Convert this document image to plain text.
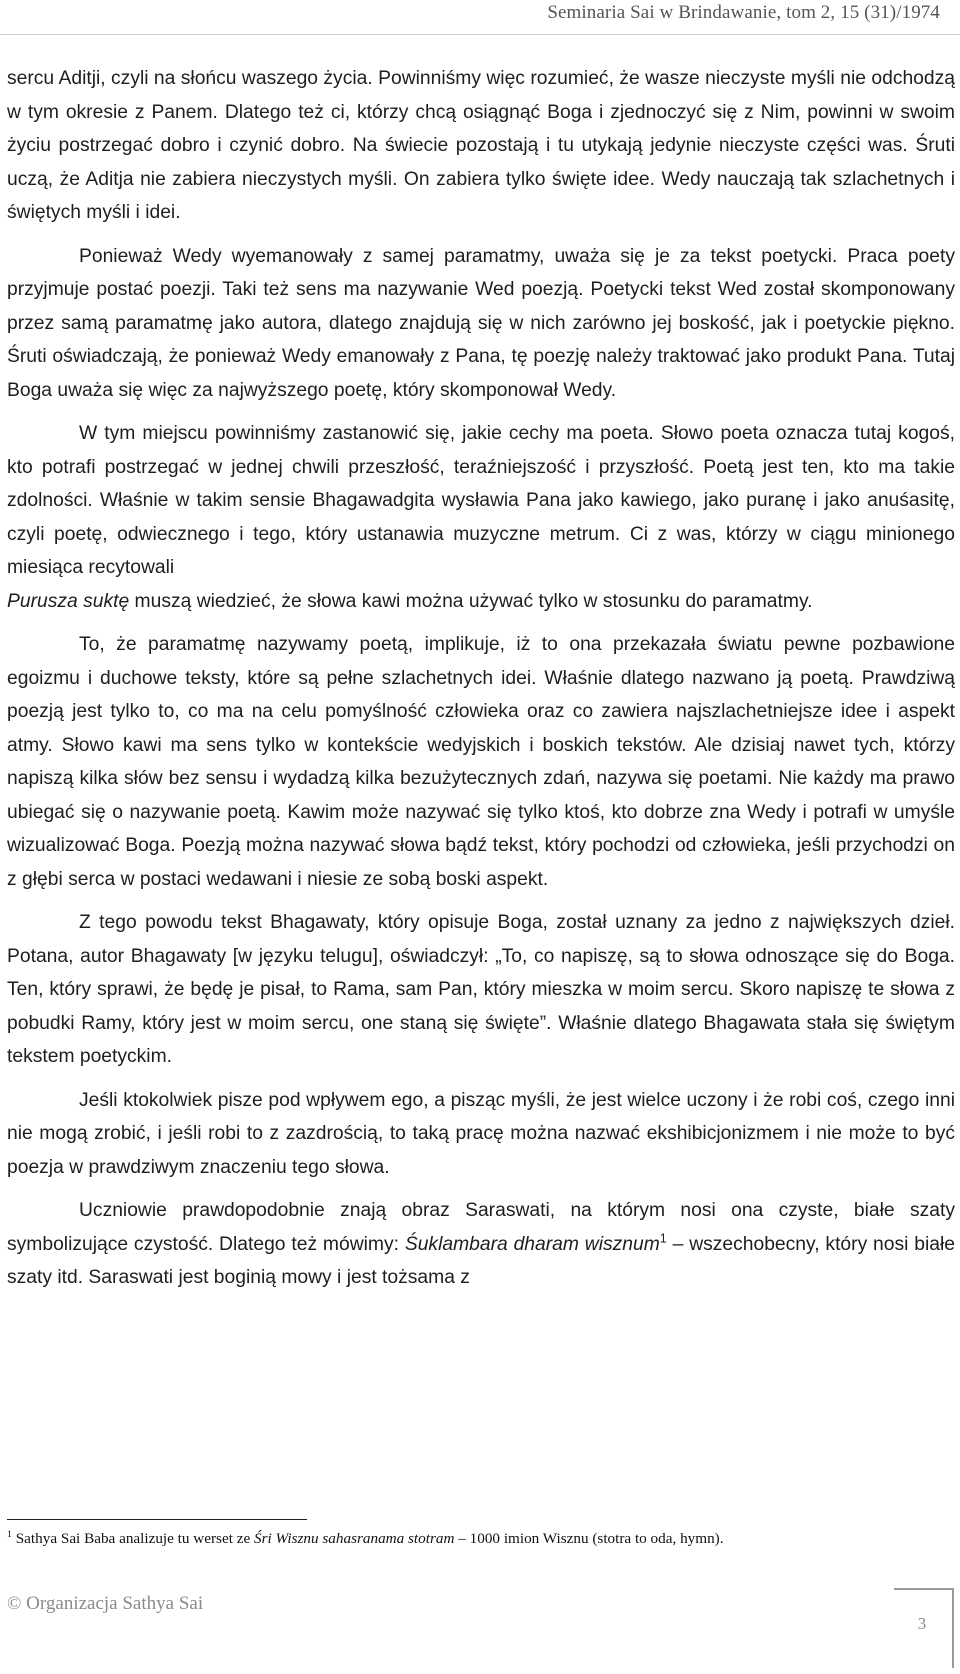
Seminaria Sai w Brindawanie, tom 2, 15 (31)/1974

sercu Aditji, czyli na słońcu waszego życia. Powinniśmy więc rozumieć, że wasze nieczyste myśli nie odchodzą w tym okresie z Panem. Dlatego też ci, którzy chcą osiągnąć Boga i zjednoczyć się z Nim, powinni w swoim życiu postrzegać dobro i czynić dobro. Na świecie pozostają i tu utykają jedynie nieczyste części was. Śruti uczą, że Aditja nie zabiera nieczystych myśli. On zabiera tylko święte idee. Wedy nauczają tak szlachetnych i świętych myśli i idei.

Ponieważ Wedy wyemanowały z samej paramatmy, uważa się je za tekst poetycki. Praca poety przyjmuje postać poezji. Taki też sens ma nazywanie Wed poezją. Poetycki tekst Wed został skomponowany przez samą paramatmę jako autora, dlatego znajdują się w nich zarówno jej boskość, jak i poetyckie piękno. Śruti oświadczają, że ponieważ Wedy emanowały z Pana, tę poezję należy traktować jako produkt Pana. Tutaj Boga uważa się więc za najwyższego poetę, który skomponował Wedy.

W tym miejscu powinniśmy zastanowić się, jakie cechy ma poeta. Słowo poeta oznacza tutaj kogoś, kto potrafi postrzegać w jednej chwili przeszłość, teraźniejszość i przyszłość. Poetą jest ten, kto ma takie zdolności. Właśnie w takim sensie Bhagawadgita wysławia Pana jako kawiego, jako puranę i jako anuśasitę, czyli poetę, odwiecznego i tego, który ustanawia muzyczne metrum. Ci z was, którzy w ciągu minionego miesiąca recytowali
Purusza suktę muszą wiedzieć, że słowa kawi można używać tylko w stosunku do paramatmy.

To, że paramatmę nazywamy poetą, implikuje, iż to ona przekazała światu pewne pozbawione egoizmu i duchowe teksty, które są pełne szlachetnych idei. Właśnie dlatego nazwano ją poetą. Prawdziwą poezją jest tylko to, co ma na celu pomyślność człowieka oraz co zawiera najszlachetniejsze idee i aspekt atmy. Słowo kawi ma sens tylko w kontekście wedyjskich i boskich tekstów. Ale dzisiaj nawet tych, którzy napiszą kilka słów bez sensu i wydadzą kilka bezużytecznych zdań, nazywa się poetami. Nie każdy ma prawo ubiegać się o nazywanie poetą. Kawim może nazywać się tylko ktoś, kto dobrze zna Wedy i potrafi w umyśle wizualizować Boga. Poezją można nazywać słowa bądź tekst, który pochodzi od człowieka, jeśli przychodzi on z głębi serca w postaci wedawani i niesie ze sobą boski aspekt.

Z tego powodu tekst Bhagawaty, który opisuje Boga, został uznany za jedno z największych dzieł. Potana, autor Bhagawaty [w języku telugu], oświadczył: „To, co napiszę, są to słowa odnoszące się do Boga. Ten, który sprawi, że będę je pisał, to Rama, sam Pan, który mieszka w moim sercu. Skoro napiszę te słowa z pobudki Ramy, który jest w moim sercu, one staną się święte”. Właśnie dlatego Bhagawata stała się świętym tekstem poetyckim.

Jeśli ktokolwiek pisze pod wpływem ego, a pisząc myśli, że jest wielce uczony i że robi coś, czego inni nie mogą zrobić, i jeśli robi to z zazdrością, to taką pracę można nazwać ekshibicjonizmem i nie może to być poezja w prawdziwym znaczeniu tego słowa.

Uczniowie prawdopodobnie znają obraz Saraswati, na którym nosi ona czyste, białe szaty symbolizujące czystość. Dlatego też mówimy: Śuklambara dharam wisznum$^1$ – wszechobecny, który nosi białe szaty itd. Saraswati jest boginią mowy i jest tożsama z

$^1$ Sathya Sai Baba analizuje tu werset ze Śri Wisznu sahasranama stotram – 1000 imion Wisznu (stotra to oda, hymn).
© Organizacja Sathya Sai
3
